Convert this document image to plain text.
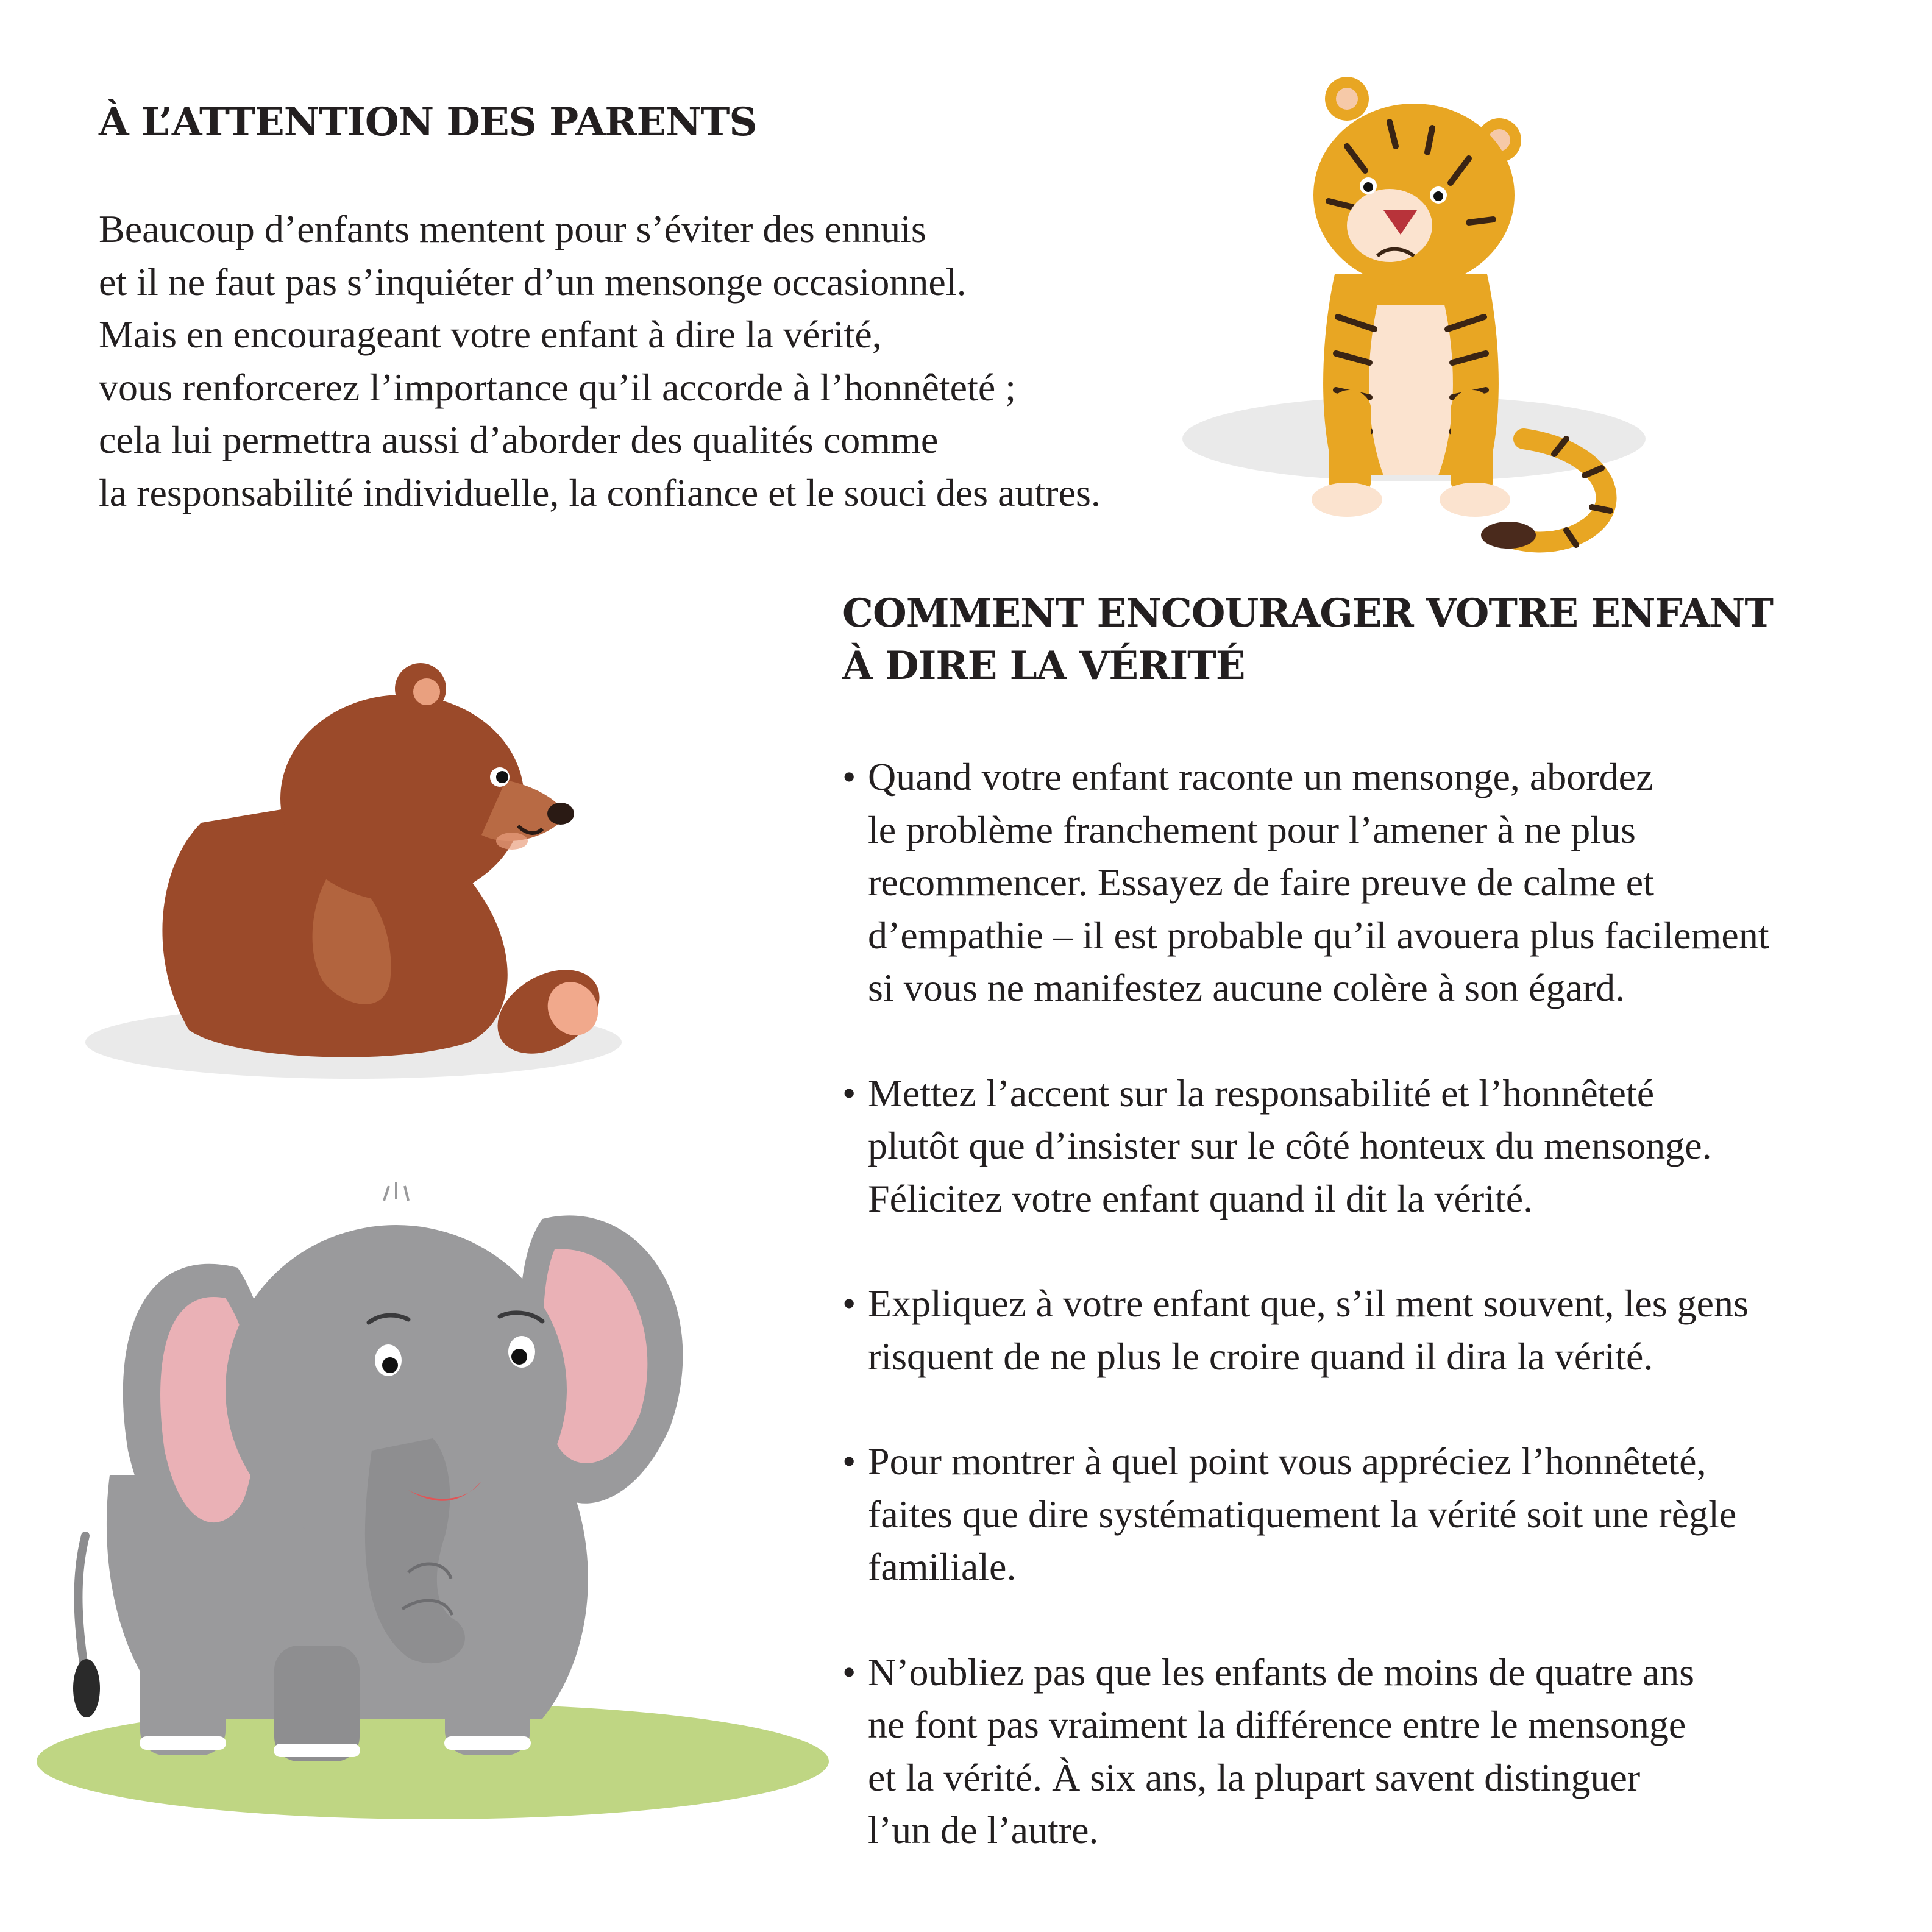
À L’ATTENTION DES PARENTS
Beaucoup d’enfants mentent pour s’éviter des ennuis
et il ne faut pas s’inquiéter d’un mensonge occasionnel.
Mais en encourageant votre enfant à dire la vérité,
vous renforcerez l’importance qu’il accorde à l’honnêteté ;
cela lui permettra aussi d’aborder des qualités comme
la responsabilité individuelle, la confiance et le souci des autres.
COMMENT ENCOURAGER VOTRE ENFANT
À DIRE LA VÉRITÉ
• Quand votre enfant raconte un mensonge, abordez
le problème franchement pour l’amener à ne plus
recommencer. Essayez de faire preuve de calme et
d’empathie – il est probable qu’il avouera plus facilement
si vous ne manifestez aucune colère à son égard.
• Mettez l’accent sur la responsabilité et l’honnêteté
plutôt que d’insister sur le côté honteux du mensonge.
Félicitez votre enfant quand il dit la vérité.
• Expliquez à votre enfant que, s’il ment souvent, les gens
risquent de ne plus le croire quand il dira la vérité.
• Pour montrer à quel point vous appréciez l’honnêteté,
faites que dire systématiquement la vérité soit une règle
familiale.
• N’oubliez pas que les enfants de moins de quatre ans
ne font pas vraiment la différence entre le mensonge
et la vérité. À six ans, la plupart savent distinguer
l’un de l’autre.
